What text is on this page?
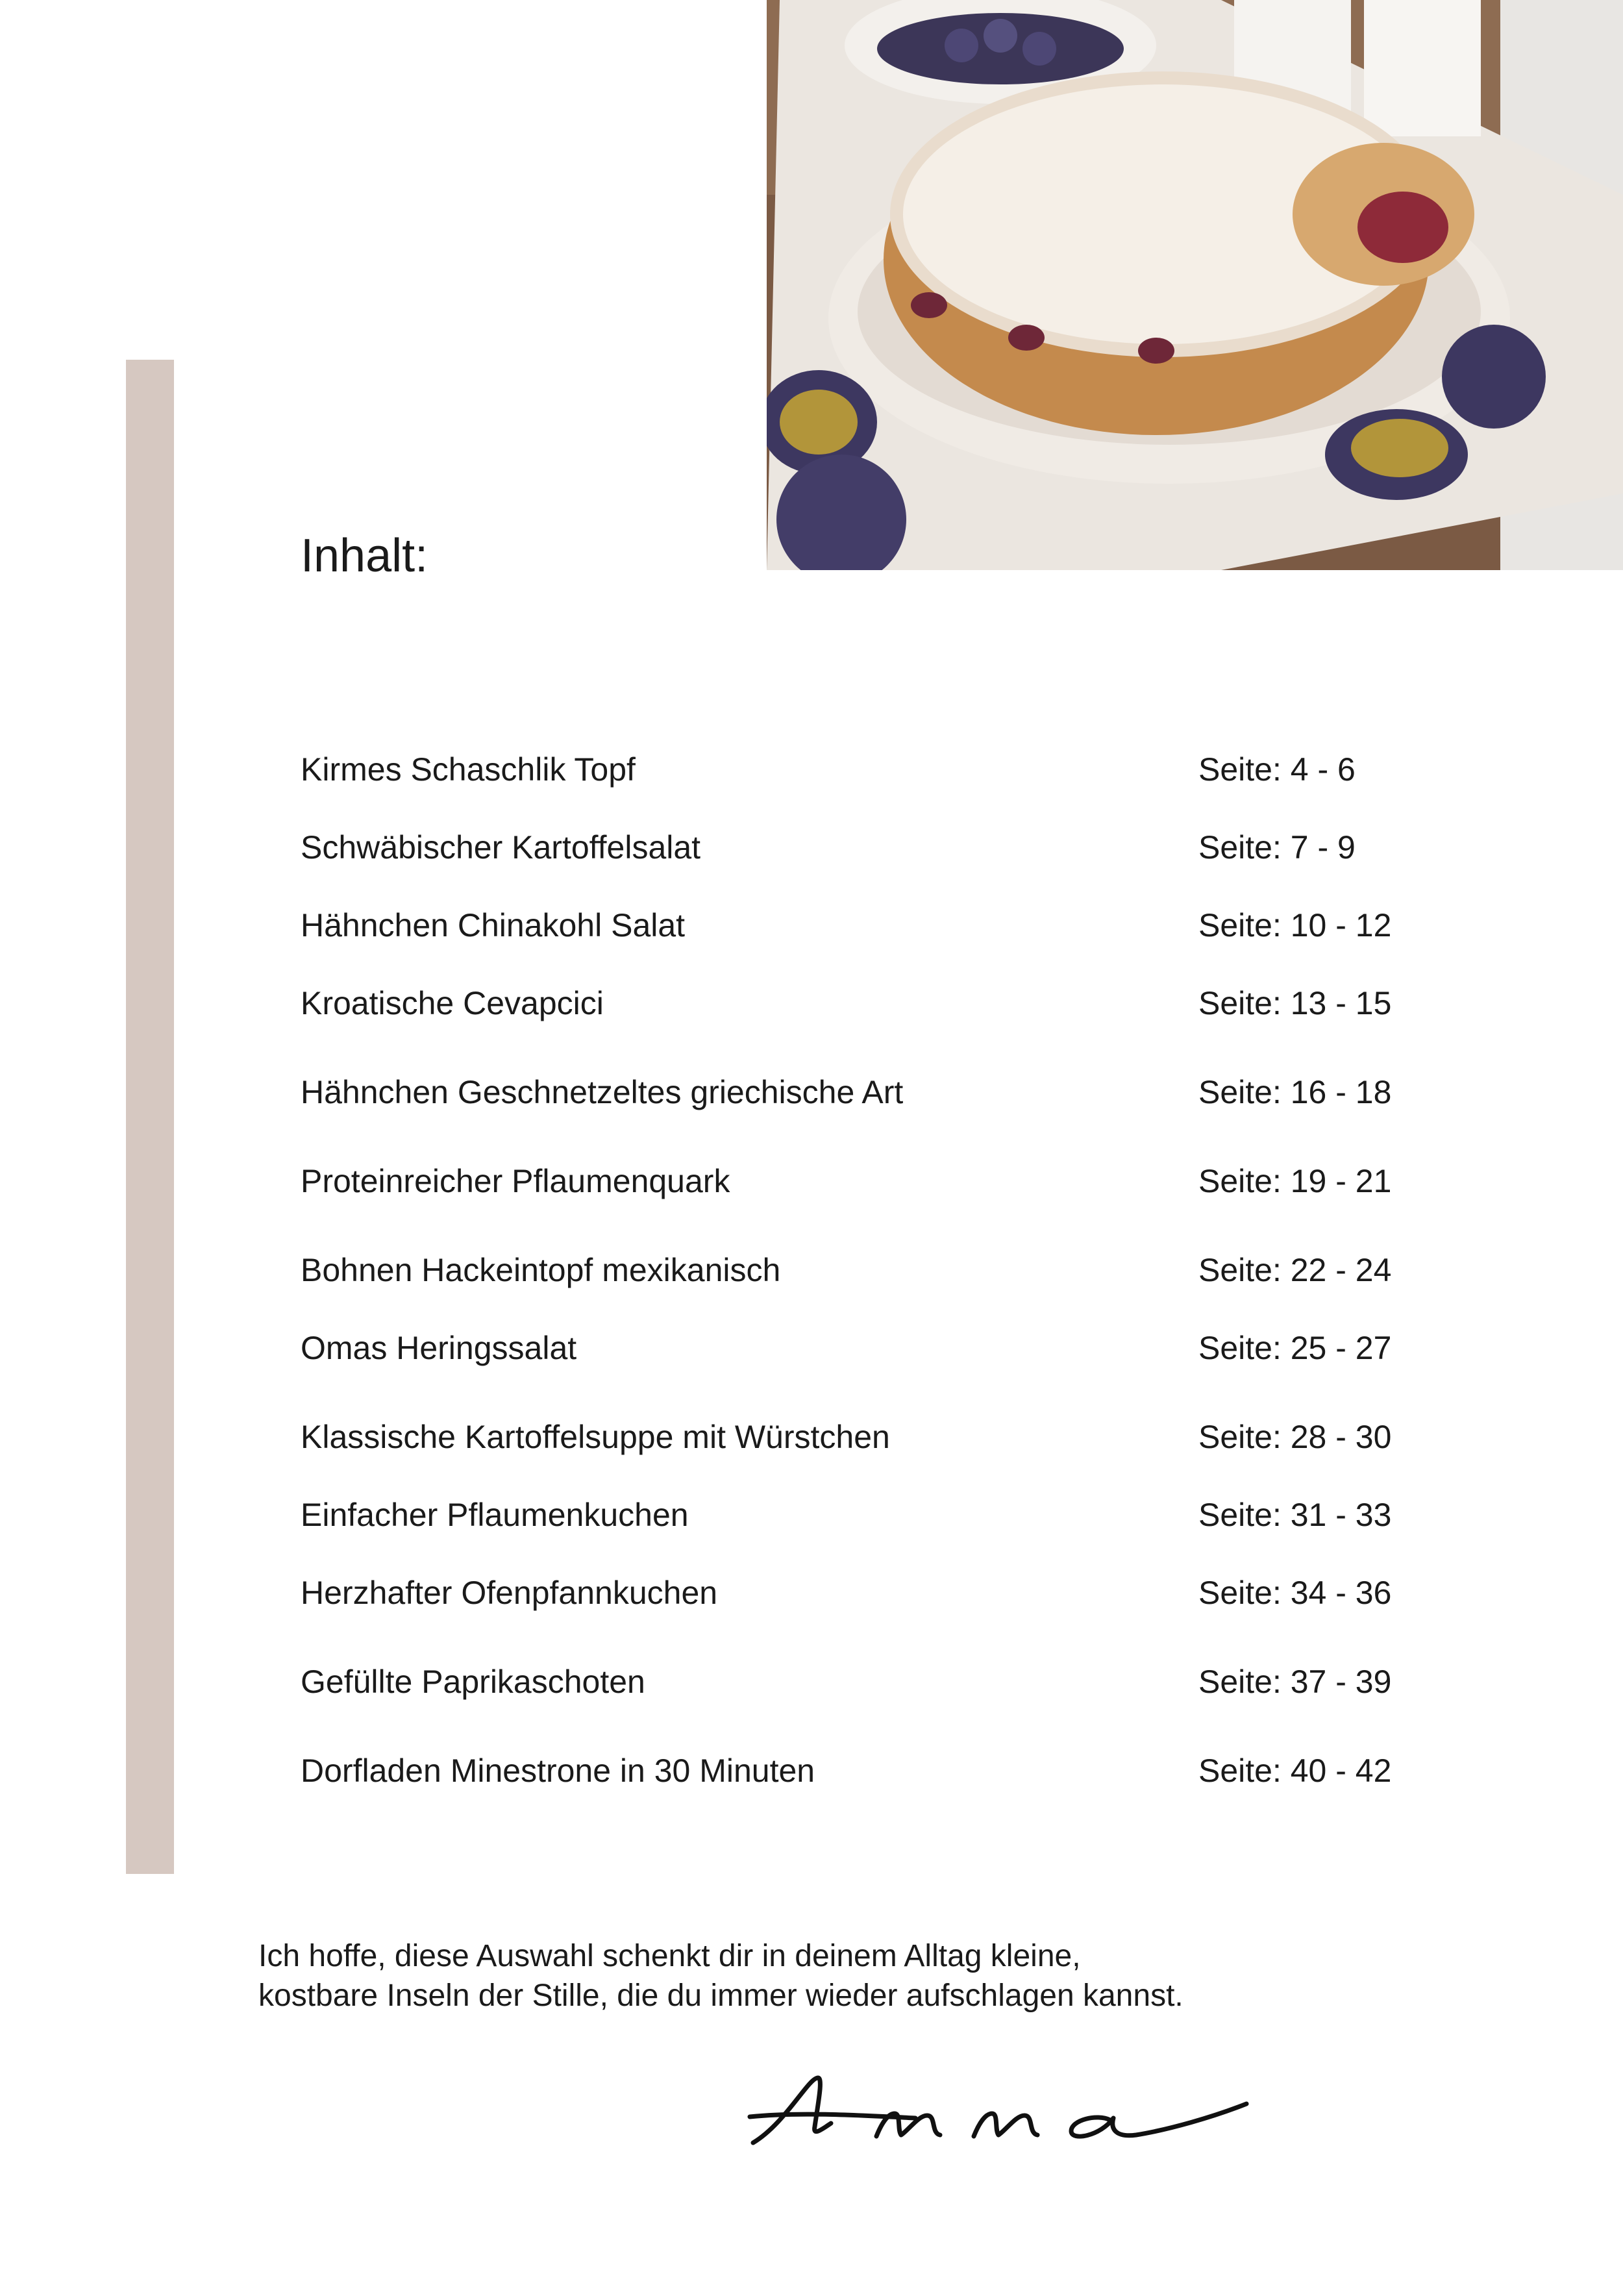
Inhalt:
Kirmes Schaschlik Topf	Seite: 4 - 6
Schwäbischer Kartoffelsalat	Seite: 7 - 9
Hähnchen Chinakohl Salat	Seite: 10 - 12
Kroatische Cevapcici	Seite: 13 - 15
Hähnchen Geschnetzeltes griechische Art	Seite: 16 - 18
Proteinreicher Pflaumenquark	Seite: 19 - 21
Bohnen Hackeintopf mexikanisch	Seite: 22 - 24
Omas Heringssalat	Seite: 25 - 27
Klassische Kartoffelsuppe mit Würstchen	Seite: 28 - 30
Einfacher Pflaumenkuchen	Seite: 31 - 33
Herzhafter Ofenpfannkuchen	Seite: 34 - 36
Gefüllte Paprikaschoten	Seite: 37 - 39
Dorfladen Minestrone in 30 Minuten	Seite: 40 - 42

Ich hoffe, diese Auswahl schenkt dir in deinem Alltag kleine,

kostbare Inseln der Stille, die du immer wieder aufschlagen kannst.
